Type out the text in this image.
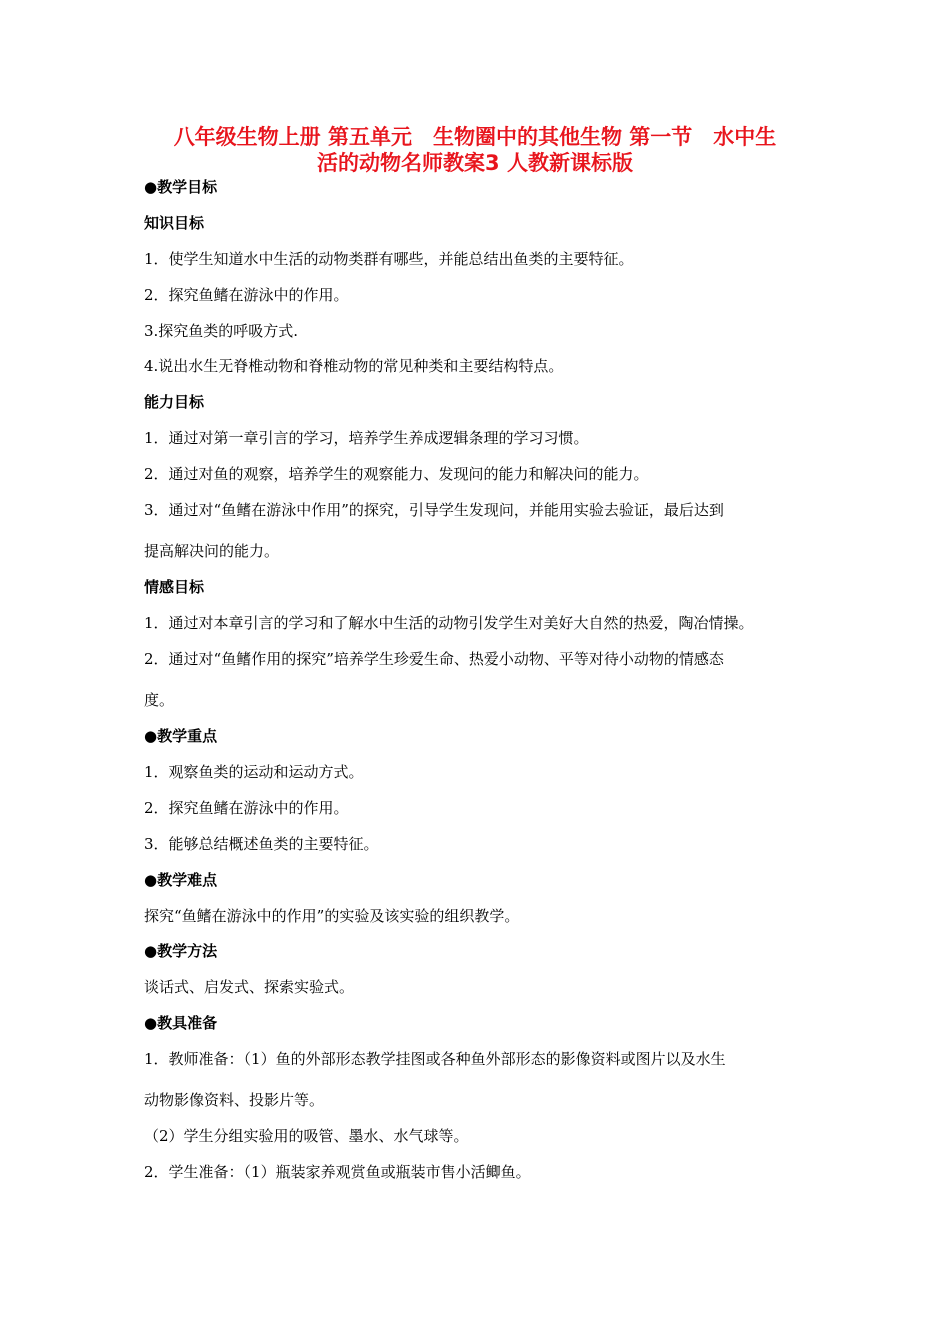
八年级生物上册 第五单元　生物圈中的其他生物 第一节　水中生
活的动物名师教案3 人教新课标版
●教学目标
知识目标
1．使学生知道水中生活的动物类群有哪些，并能总结出鱼类的主要特征。
2．探究鱼鳍在游泳中的作用。
3.探究鱼类的呼吸方式.
4.说出水生无脊椎动物和脊椎动物的常见种类和主要结构特点。
能力目标
1．通过对第一章引言的学习，培养学生养成逻辑条理的学习习惯。
2．通过对鱼的观察，培养学生的观察能力、发现问的能力和解决问的能力。
3．通过对“鱼鳍在游泳中作用”的探究，引导学生发现问，并能用实验去验证，最后达到
提高解决问的能力。
情感目标
1．通过对本章引言的学习和了解水中生活的动物引发学生对美好大自然的热爱，陶冶情操。
2．通过对“鱼鳍作用的探究”培养学生珍爱生命、热爱小动物、平等对待小动物的情感态
度。
●教学重点
1．观察鱼类的运动和运动方式。
2．探究鱼鳍在游泳中的作用。
3．能够总结概述鱼类的主要特征。
●教学难点
探究“鱼鳍在游泳中的作用”的实验及该实验的组织教学。
●教学方法
谈话式、启发式、探索实验式。
●教具准备
1．教师准备：（1）鱼的外部形态教学挂图或各种鱼外部形态的影像资料或图片以及水生
动物影像资料、投影片等。
（2）学生分组实验用的吸管、墨水、水气球等。
2．学生准备：（1）瓶装家养观赏鱼或瓶装市售小活鲫鱼。
